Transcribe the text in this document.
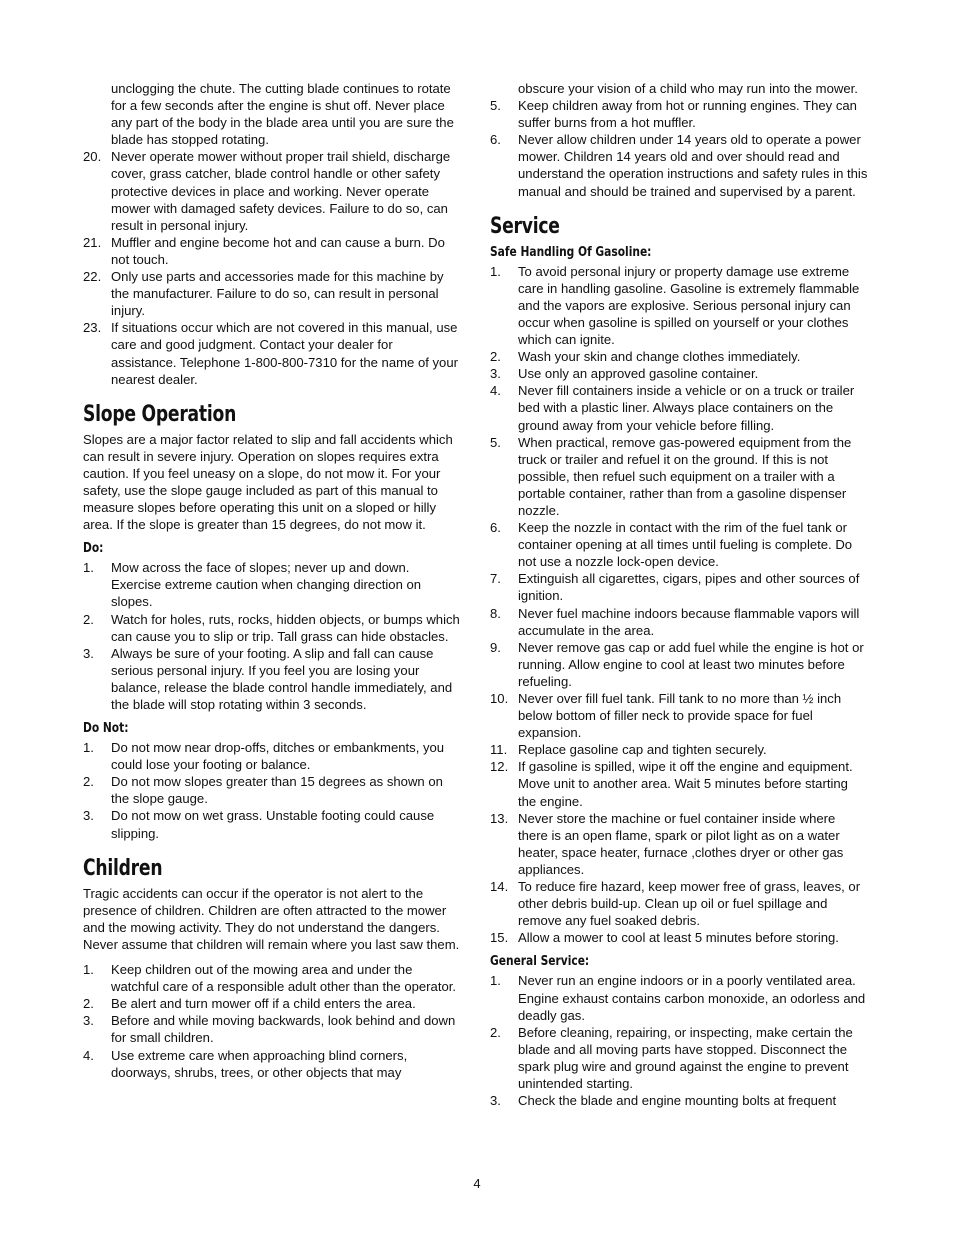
unclogging the chute. The cutting blade continues to rotate for a few seconds after the engine is shut off. Never place any part of the body in the blade area until you are sure the blade has stopped rotating.

20. Never operate mower without proper trail shield, discharge cover, grass catcher, blade control handle or other safety protective devices in place and working. Never operate mower with damaged safety devices. Failure to do so, can result in personal injury.
21. Muffler and engine become hot and can cause a burn. Do not touch.
22. Only use parts and accessories made for this machine by the manufacturer. Failure to do so, can result in personal injury.
23. If situations occur which are not covered in this manual, use care and good judgment. Contact your dealer for assistance. Telephone 1-800-800-7310 for the name of your nearest dealer.
Slope Operation

Slopes are a major factor related to slip and fall accidents which can result in severe injury. Operation on slopes requires extra caution. If you feel uneasy on a slope, do not mow it. For your safety, use the slope gauge included as part of this manual to measure slopes before operating this unit on a sloped or hilly area. If the slope is greater than 15 degrees, do not mow it.

Do:
1. Mow across the face of slopes; never up and down. Exercise extreme caution when changing direction on slopes.
2. Watch for holes, ruts, rocks, hidden objects, or bumps which can cause you to slip or trip. Tall grass can hide obstacles.
3. Always be sure of your footing. A slip and fall can cause serious personal injury. If you feel you are losing your balance, release the blade control handle immediately, and the blade will stop rotating within 3 seconds.
Do Not:
1. Do not mow near drop-offs, ditches or embankments, you could lose your footing or balance.
2. Do not mow slopes greater than 15 degrees as shown on the slope gauge.
3. Do not mow on wet grass. Unstable footing could cause slipping.
Children

Tragic accidents can occur if the operator is not alert to the presence of children. Children are often attracted to the mower and the mowing activity. They do not understand the dangers. Never assume that children will remain where you last saw them.

1. Keep children out of the mowing area and under the watchful care of a responsible adult other than the operator.
2. Be alert and turn mower off if a child enters the area.
3. Before and while moving backwards, look behind and down for small children.
4. Use extreme care when approaching blind corners, doorways, shrubs, trees, or other objects that may

obscure your vision of a child who may run into the mower.

5. Keep children away from hot or running engines. They can suffer burns from a hot muffler.
6. Never allow children under 14 years old to operate a power mower. Children 14 years old and over should read and understand the operation instructions and safety rules in this manual and should be trained and supervised by a parent.
Service
Safe Handling Of Gasoline:
1. To avoid personal injury or property damage use extreme care in handling gasoline. Gasoline is extremely flammable and the vapors are explosive. Serious personal injury can occur when gasoline is spilled on yourself or your clothes which can ignite.
2. Wash your skin and change clothes immediately.
3. Use only an approved gasoline container.
4. Never fill containers inside a vehicle or on a truck or trailer bed with a plastic liner. Always place containers on the ground away from your vehicle before filling.
5. When practical, remove gas-powered equipment from the truck or trailer and refuel it on the ground. If this is not possible, then refuel such equipment on a trailer with a portable container, rather than from a gasoline dispenser nozzle.
6. Keep the nozzle in contact with the rim of the fuel tank or container opening at all times until fueling is complete. Do not use a nozzle lock-open device.
7. Extinguish all cigarettes, cigars, pipes and other sources of ignition.
8. Never fuel machine indoors because flammable vapors will accumulate in the area.
9. Never remove gas cap or add fuel while the engine is hot or running. Allow engine to cool at least two minutes before refueling.
10. Never over fill fuel tank. Fill tank to no more than ½ inch below bottom of filler neck to provide space for fuel expansion.
11. Replace gasoline cap and tighten securely.
12. If gasoline is spilled, wipe it off the engine and equipment. Move unit to another area. Wait 5 minutes before starting the engine.
13. Never store the machine or fuel container inside where there is an open flame, spark or pilot light as on a water heater, space heater, furnace ,clothes dryer or other gas appliances.
14. To reduce fire hazard, keep mower free of grass, leaves, or other debris build-up. Clean up oil or fuel spillage and remove any fuel soaked debris.
15. Allow a mower to cool at least 5 minutes before storing.
General Service:
1. Never run an engine indoors or in a poorly ventilated area. Engine exhaust contains carbon monoxide, an odorless and deadly gas.
2. Before cleaning, repairing, or inspecting, make certain the blade and all moving parts have stopped. Disconnect the spark plug wire and ground against the engine to prevent unintended starting.
3. Check the blade and engine mounting bolts at frequent
4
